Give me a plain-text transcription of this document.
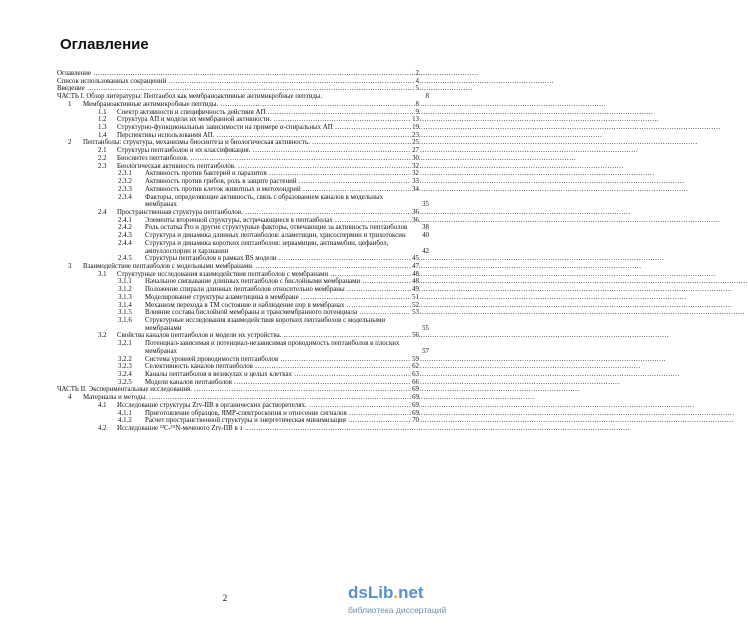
Оглавление
Оглавление .....	2
Список использованных сокращений .....	4
Введение .....	5
ЧАСТЬ I. Обзор литературы: Пептаибол как мембраноактивные антимикробные пептиды.	8
1 Мембраноактивные антимикробные пептиды. .....	8
1.1 Спектр активности и специфичность действия АП .....	9
1.2 Структура АП и модели их мембранной активности. .....	13
1.3 Структурно-функциональные зависимости на примере α-спиральных АП .....	19
1.4 Перспективы использования АП. .....	23
2 Пептаиболы: структура, механизмы биосинтеза и биологическая активность. .....	25
2.1 Структуры пептаиболов и их классификация. .....	27
2.2 Биосинтез пептаиболов. .....	30
2.3 Биологическая активность пептаиболов. .....	32
2.3.1 Активность против бактерий и паразитов .....	32
2.3.2 Активность против грибов, роль в защите растений .....	33
2.3.3 Активность против клеток животных и митохондрий .....	34
2.3.4 Факторы, определяющие активность, связь с образованием каналов в модельных мембранах	35
2.4 Пространственная структура пептаиболов. .....	36
2.4.1 Элементы вторичной структуры, встречающиеся в пептаиболах .....	36
2.4.2 Роль остатка Pro и другие структурные факторы, отвечающие за активность пептаиболов 38
2.4.3 Структура и динамика длинных пептаиболов: аламетицин, хрисоспермин и трихотоксин 40
2.4.4 Структура и динамика коротких пептаиболов: зервамицин, антиамебин, цефаибол, ампуллоспорин и харзианин	42
2.4.5 Структуры пептаиболов в рамках BS модели .....	45
3 Взаимодействие пептаиболов с модельными мембранами. .....	47
3.1 Структурные исследования взаимодействия пептаиболов с мембранами .....	48
3.1.1 Начальное связывание длинных пептаиболов с бислойными мембранами .....	48
3.1.2 Положение спирали длинных пептаиболов относительно мембраны .....	49
3.1.3 Моделирование структуры аламетицина в мембране .....	51
3.1.4 Механизм перехода в TM состояние и наблюдение пор в мембранах .....	52
3.1.5 Влияние состава бислойной мембраны и трансмембранного потенциала .....	53
3.1.6 Структурные исследования взаимодействия коротких пептаиболов с модельными мембранами	55
3.2 Свойства каналов пептаиболов и модели их устройства. .....	56
3.2.1 Потенциал-зависимая и потенциал-независимая проводимость пептаиболов в плоских мембранах	57
3.2.2 Система уровней проводимости пептаиболов .....	59
3.2.3 Селективность каналов пептаиболов .....	62
3.2.4 Каналы пептаиболов в везикулах и целых клетках .....	63
3.2.5 Модели каналов пептаиболов .....	66
ЧАСТЬ II. Экспериментальные исследования. .....	69
4 Материалы и методы. .....	69
4.1 Исследование структуры Zrv-IIB в органических растворителях. .....	69
4.1.1 Приготовление образцов, ЯМР-спектроскопия и отнесение сигналов .....	69
4.1.2 Расчет пространственной структуры и энергетическая минимизация .....	70
4.2 Исследование ¹³C-¹⁵N-меченого Zrv-IIB в з .....
2	dsLib.net
библиотека диссертаций
